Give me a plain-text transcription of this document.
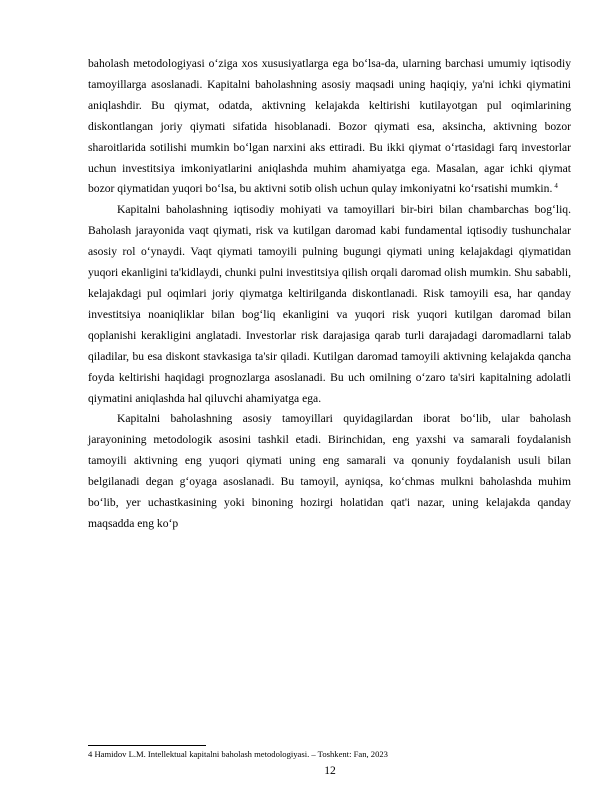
baholash metodologiyasi o‘ziga xos xususiyatlarga ega bo‘lsa-da, ularning barchasi umumiy iqtisodiy tamoyillarga asoslanadi. Kapitalni baholashning asosiy maqsadi uning haqiqiy, ya'ni ichki qiymatini aniqlashdir. Bu qiymat, odatda, aktivning kelajakda keltirishi kutilayotgan pul oqimlarining diskontlangan joriy qiymati sifatida hisoblanadi. Bozor qiymati esa, aksincha, aktivning bozor sharoitlarida sotilishi mumkin bo‘lgan narxini aks ettiradi. Bu ikki qiymat o‘rtasidagi farq investorlar uchun investitsiya imkoniyatlarini aniqlashda muhim ahamiyatga ega. Masalan, agar ichki qiymat bozor qiymatidan yuqori bo‘lsa, bu aktivni sotib olish uchun qulay imkoniyatni ko‘rsatishi mumkin. $^4$

Kapitalni baholashning iqtisodiy mohiyati va tamoyillari bir-biri bilan chambarchas bog‘liq. Baholash jarayonida vaqt qiymati, risk va kutilgan daromad kabi fundamental iqtisodiy tushunchalar asosiy rol o‘ynaydi. Vaqt qiymati tamoyili pulning bugungi qiymati uning kelajakdagi qiymatidan yuqori ekanligini ta'kidlaydi, chunki pulni investitsiya qilish orqali daromad olish mumkin. Shu sababli, kelajakdagi pul oqimlari joriy qiymatga keltirilganda diskontlanadi. Risk tamoyili esa, har qanday investitsiya noaniqliklar bilan bog‘liq ekanligini va yuqori risk yuqori kutilgan daromad bilan qoplanishi kerakligini anglatadi. Investorlar risk darajasiga qarab turli darajadagi daromadlarni talab qiladilar, bu esa diskont stavkasiga ta'sir qiladi. Kutilgan daromad tamoyili aktivning kelajakda qancha foyda keltirishi haqidagi prognozlarga asoslanadi. Bu uch omilning o‘zaro ta'siri kapitalning adolatli qiymatini aniqlashda hal qiluvchi ahamiyatga ega.

Kapitalni baholashning asosiy tamoyillari quyidagilardan iborat bo‘lib, ular baholash jarayonining metodologik asosini tashkil etadi. Birinchidan, eng yaxshi va samarali foydalanish tamoyili aktivning eng yuqori qiymati uning eng samarali va qonuniy foydalanish usuli bilan belgilanadi degan g‘oyaga asoslanadi. Bu tamoyil, ayniqsa, ko‘chmas mulkni baholashda muhim bo‘lib, yer uchastkasining yoki binoning hozirgi holatidan qat'i nazar, uning kelajakda qanday maqsadda eng ko‘p

4 Hamidov L.M. Intellektual kapitalni baholash metodologiyasi. – Toshkent: Fan, 2023
12
